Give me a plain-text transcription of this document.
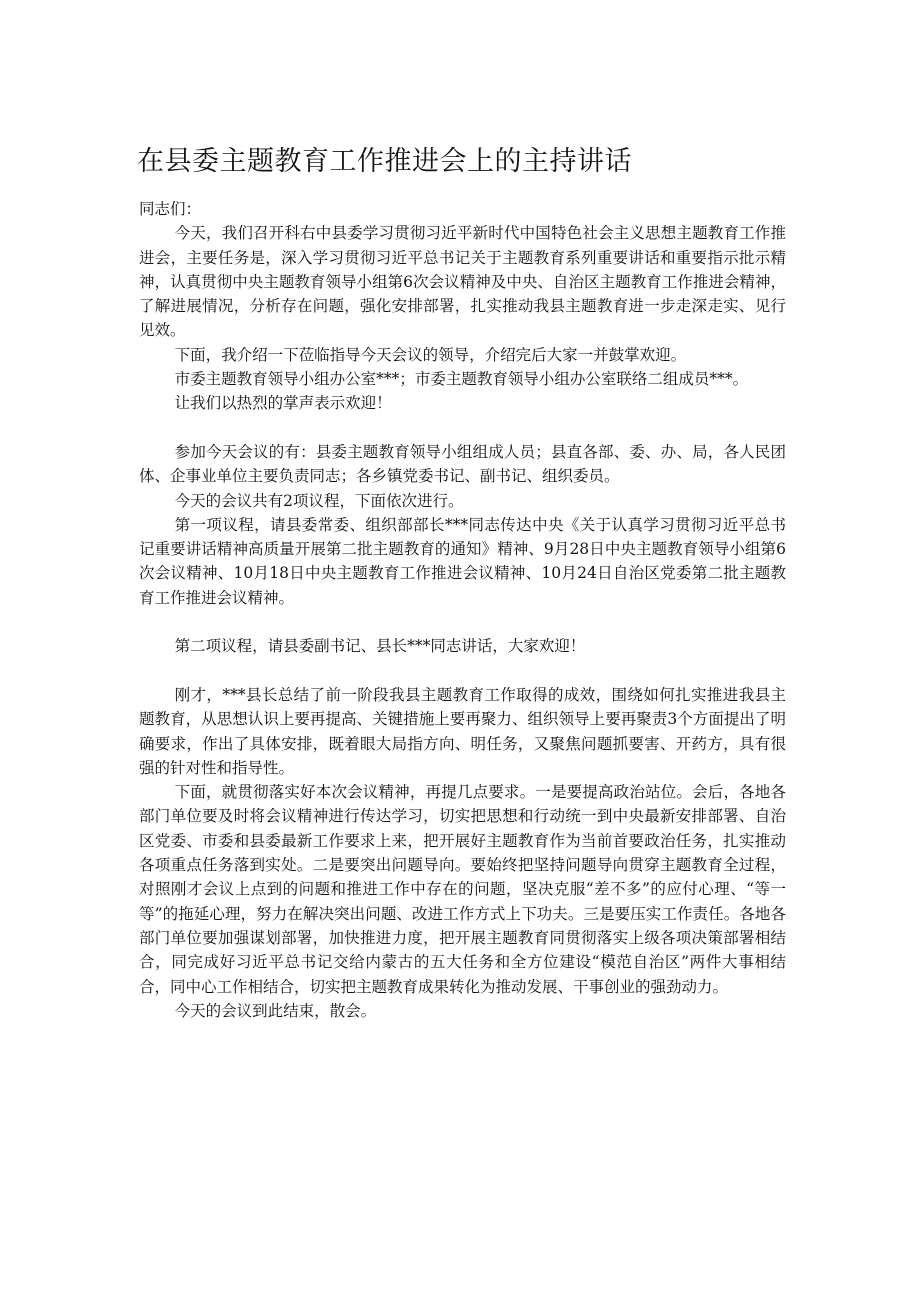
在县委主题教育工作推进会上的主持讲话

同志们：

今天，我们召开科右中县委学习贯彻习近平新时代中国特色社会主义思想主题教育工作推进会，主要任务是，深入学习贯彻习近平总书记关于主题教育系列重要讲话和重要指示批示精神，认真贯彻中央主题教育领导小组第6次会议精神及中央、自治区主题教育工作推进会精神，了解进展情况，分析存在问题，强化安排部署，扎实推动我县主题教育进一步走深走实、见行见效。

下面，我介绍一下莅临指导今天会议的领导，介绍完后大家一并鼓掌欢迎。

市委主题教育领导小组办公室***；市委主题教育领导小组办公室联络二组成员***。

让我们以热烈的掌声表示欢迎！

参加今天会议的有：县委主题教育领导小组组成人员；县直各部、委、办、局，各人民团体、企事业单位主要负责同志；各乡镇党委书记、副书记、组织委员。

今天的会议共有2项议程，下面依次进行。

第一项议程，请县委常委、组织部部长***同志传达中央《关于认真学习贯彻习近平总书记重要讲话精神高质量开展第二批主题教育的通知》精神、9月28日中央主题教育领导小组第6次会议精神、10月18日中央主题教育工作推进会议精神、10月24日自治区党委第二批主题教育工作推进会议精神。

第二项议程，请县委副书记、县长***同志讲话，大家欢迎！

刚才，***县长总结了前一阶段我县主题教育工作取得的成效，围绕如何扎实推进我县主题教育，从思想认识上要再提高、关键措施上要再聚力、组织领导上要再聚责3个方面提出了明确要求，作出了具体安排，既着眼大局指方向、明任务，又聚焦问题抓要害、开药方，具有很强的针对性和指导性。

下面，就贯彻落实好本次会议精神，再提几点要求。一是要提高政治站位。会后，各地各部门单位要及时将会议精神进行传达学习，切实把思想和行动统一到中央最新安排部署、自治区党委、市委和县委最新工作要求上来，把开展好主题教育作为当前首要政治任务，扎实推动各项重点任务落到实处。二是要突出问题导向。要始终把坚持问题导向贯穿主题教育全过程，对照刚才会议上点到的问题和推进工作中存在的问题，坚决克服“差不多”的应付心理、“等一等”的拖延心理，努力在解决突出问题、改进工作方式上下功夫。三是要压实工作责任。各地各部门单位要加强谋划部署，加快推进力度，把开展主题教育同贯彻落实上级各项决策部署相结合，同完成好习近平总书记交给内蒙古的五大任务和全方位建设“模范自治区”两件大事相结合，同中心工作相结合，切实把主题教育成果转化为推动发展、干事创业的强劲动力。

今天的会议到此结束，散会。
